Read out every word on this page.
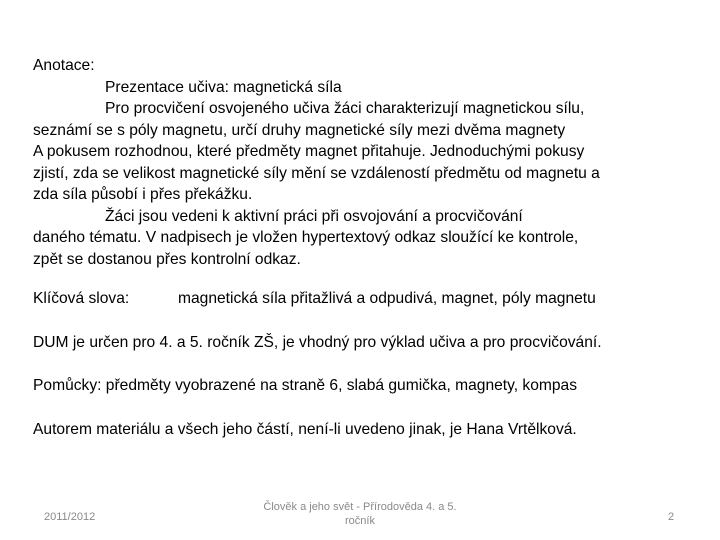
Anotace:
Prezentace učiva: magnetická síla
Pro procvičení osvojeného učiva žáci charakterizují magnetickou sílu,
seznámí se s póly magnetu, určí druhy magnetické síly mezi dvěma magnety
A pokusem rozhodnou, které předměty magnet přitahuje. Jednoduchými pokusy
zjistí, zda se velikost magnetické síly mění se vzdáleností předmětu od magnetu a
zda síla působí i přes překážku.
Žáci jsou vedeni k aktivní práci při osvojování a procvičování
daného tématu. V nadpisech je vložen hypertextový odkaz sloužící ke kontrole,
zpět se dostanou přes kontrolní odkaz.
Klíčová slova:	magnetická síla přitažlivá a odpudivá, magnet, póly magnetu
DUM je určen pro 4. a 5. ročník ZŠ, je vhodný pro výklad učiva a pro procvičování.
Pomůcky: předměty vyobrazené na straně 6, slabá gumička, magnety, kompas
Autorem materiálu a všech jeho částí, není-li uvedeno jinak, je Hana Vrtělková.
2011/2012
Člověk a jeho svět - Přírodověda 4. a 5.
ročník	2
